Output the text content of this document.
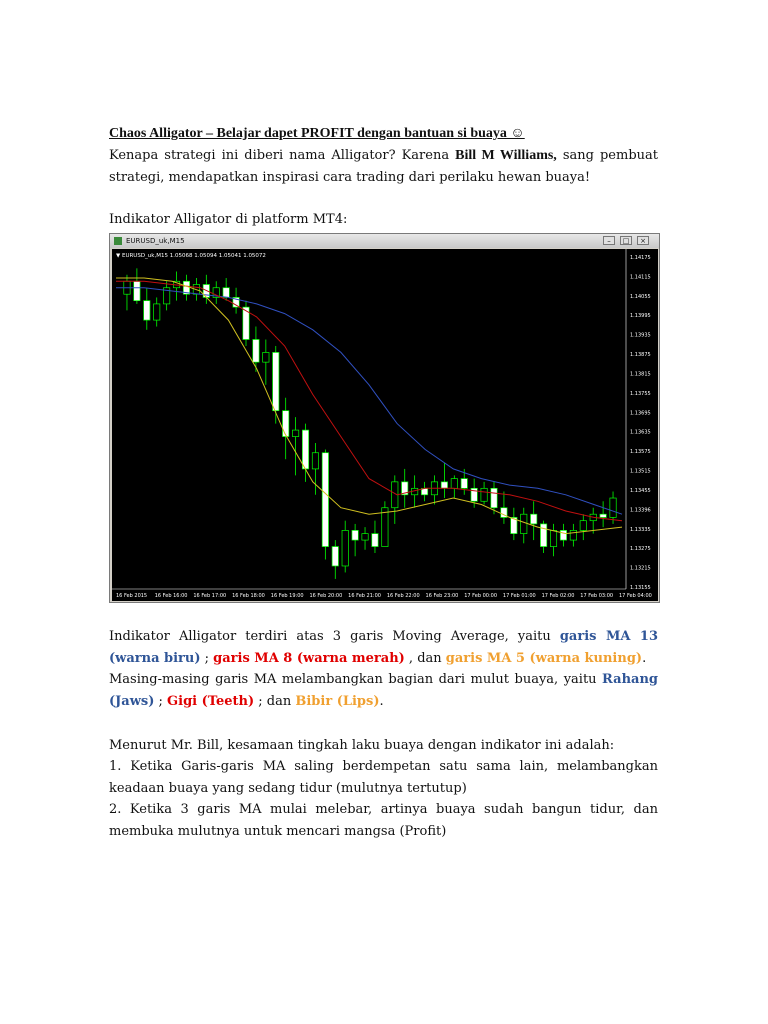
Chaos Alligator – Belajar dapet PROFIT dengan bantuan si buaya ☺
Kenapa strategi ini diberi nama Alligator? Karena Bill M Williams, sang pembuat strategi, mendapatkan inspirasi cara trading dari perilaku hewan buaya!
Indikator Alligator di platform MT4:
EURUSD_uk,M15	–	□	×
▼ EURUSD_uk,M15 1.05068 1.05094 1.05041 1.05072	1.14175
1.14115
1.14055
1.13995
1.13935
1.13875
1.13815
1.13755
1.13695
1.13635
1.13575
1.13515
1.13455
1.13396
1.13335
1.13275
1.13215
1.13155
16 Feb 2015 16 Feb 16:00 16 Feb 17:00 16 Feb 18:00 16 Feb 19:00 16 Feb 20:00 16 Feb 21:00 16 Feb 22:00 16 Feb 23:00 17 Feb 00:00 17 Feb 01:00 17 Feb 02:00 17 Feb 03:00 17 Feb 04:00
Indikator Alligator terdiri atas 3 garis Moving Average, yaitu garis MA 13 (warna biru) ; garis MA 8 (warna merah) , dan garis MA 5 (warna kuning).
Masing-masing garis MA melambangkan bagian dari mulut buaya, yaitu Rahang (Jaws) ; Gigi (Teeth) ; dan Bibir (Lips).
Menurut Mr. Bill, kesamaan tingkah laku buaya dengan indikator ini adalah:
1. Ketika Garis-garis MA saling berdempetan satu sama lain, melambangkan keadaan buaya yang sedang tidur (mulutnya tertutup)
2. Ketika 3 garis MA mulai melebar, artinya buaya sudah bangun tidur, dan membuka mulutnya untuk mencari mangsa (Profit)
